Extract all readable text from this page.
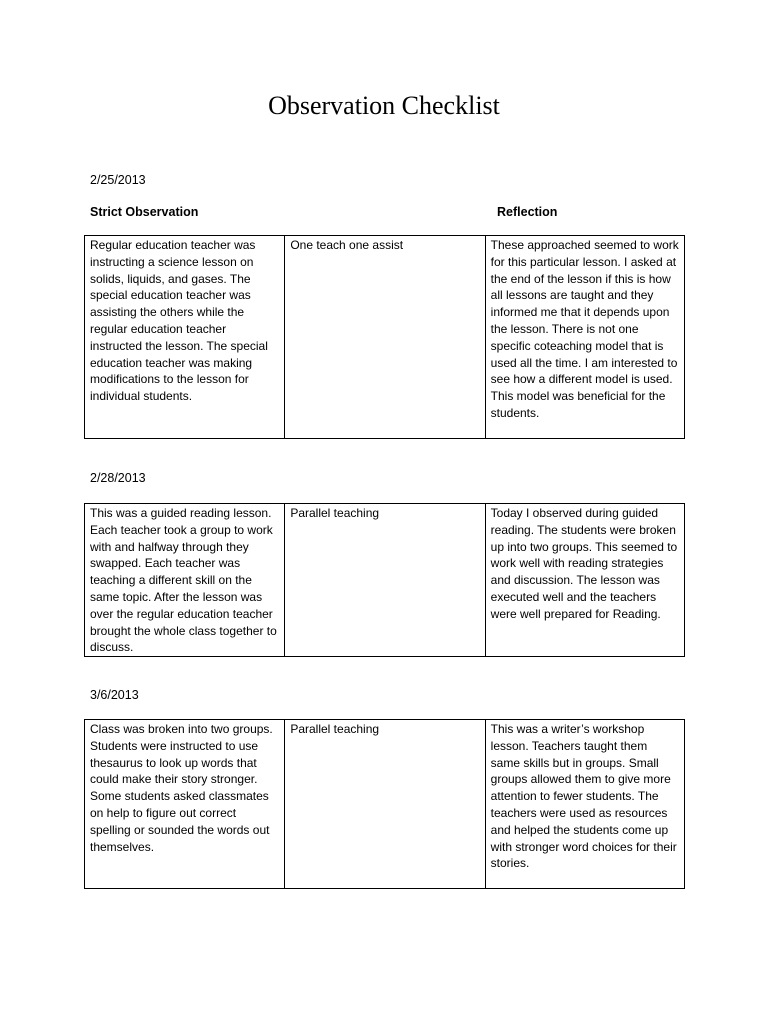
Observation Checklist
2/25/2013
Strict Observation	Reflection
Regular education teacher was instructing a science lesson on solids, liquids, and gases. The special education teacher was assisting the others while the regular education teacher instructed the lesson. The special education teacher was making modifications to the lesson for individual students.	One teach one assist	These approached seemed to work for this particular lesson. I asked at the end of the lesson if this is how all lessons are taught and they informed me that it depends upon the lesson. There is not one specific coteaching model that is used all the time. I am interested to see how a different model is used. This model was beneficial for the students.
2/28/2013
This was a guided reading lesson. Each teacher took a group to work with and halfway through they swapped. Each teacher was teaching a different skill on the same topic. After the lesson was over the regular education teacher brought the whole class together to discuss.	Parallel teaching	Today I observed during guided reading. The students were broken up into two groups. This seemed to work well with reading strategies and discussion. The lesson was executed well and the teachers were well prepared for Reading.
3/6/2013
Class was broken into two groups. Students were instructed to use thesaurus to look up words that could make their story stronger. Some students asked classmates on help to figure out correct spelling or sounded the words out themselves.	Parallel teaching	This was a writer’s workshop lesson. Teachers taught them same skills but in groups. Small groups allowed them to give more attention to fewer students. The teachers were used as resources and helped the students come up with stronger word choices for their stories.
